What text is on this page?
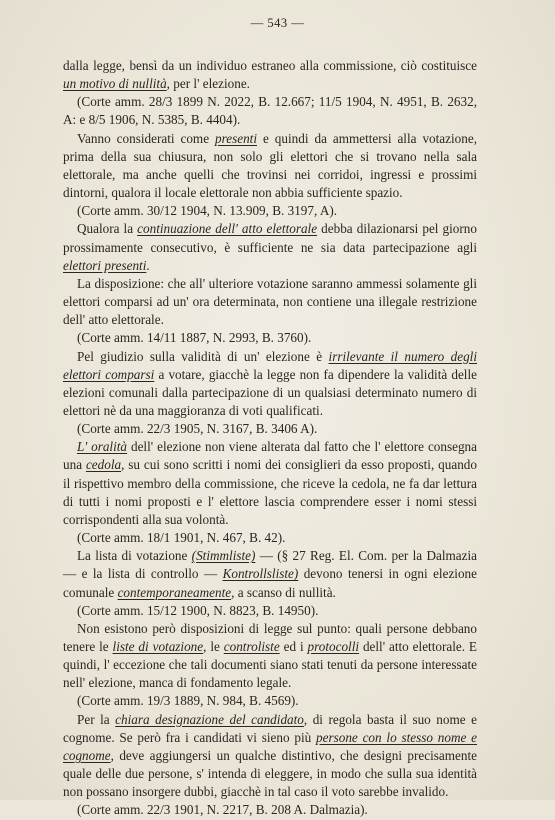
— 543 —

dalla legge, bensì da un individuo estraneo alla commissione, ciò costituisce un motivo di nullità, per l' elezione.

(Corte amm. 28/3 1899 N. 2022, B. 12.667; 11/5 1904, N. 4951, B. 2632, A: e 8/5 1906, N. 5385, B. 4404).

Vanno considerati come presenti e quindi da ammettersi alla votazione, prima della sua chiusura, non solo gli elettori che si trovano nella sala elettorale, ma anche quelli che trovinsi nei corridoi, ingressi e prossimi dintorni, qualora il locale elettorale non abbia sufficiente spazio.

(Corte amm. 30/12 1904, N. 13.909, B. 3197, A).

Qualora la continuazione dell' atto elettorale debba dilazionarsi pel giorno prossimamente consecutivo, è sufficiente ne sia data partecipazione agli elettori presenti.

La disposizione: che all' ulteriore votazione saranno ammessi solamente gli elettori comparsi ad un' ora determinata, non contiene una illegale restrizione dell' atto elettorale.

(Corte amm. 14/11 1887, N. 2993, B. 3760).

Pel giudizio sulla validità di un' elezione è irrilevante il numero degli elettori comparsi a votare, giacchè la legge non fa dipendere la validità delle elezioni comunali dalla partecipazione di un qualsiasi determinato numero di elettori nè da una maggioranza di voti qualificati.

(Corte amm. 22/3 1905, N. 3167, B. 3406 A).

L' oralità dell' elezione non viene alterata dal fatto che l' elettore consegna una cedola, su cui sono scritti i nomi dei consiglieri da esso proposti, quando il rispettivo membro della commissione, che riceve la cedola, ne fa dar lettura di tutti i nomi proposti e l' elettore lascia comprendere esser i nomi stessi corrispondenti alla sua volontà.

(Corte amm. 18/1 1901, N. 467, B. 42).

La lista di votazione (Stimmliste) — (§ 27 Reg. El. Com. per la Dalmazia — e la lista di controllo — Kontrollsliste) devono tenersi in ogni elezione comunale contemporaneamente, a scanso di nullità.

(Corte amm. 15/12 1900, N. 8823, B. 14950).

Non esistono però disposizioni di legge sul punto: quali persone debbano tenere le liste di votazione, le controliste ed i protocolli dell' atto elettorale. E quindi, l' eccezione che tali documenti siano stati tenuti da persone interessate nell' elezione, manca di fondamento legale.

(Corte amm. 19/3 1889, N. 984, B. 4569).

Per la chiara designazione del candidato, di regola basta il suo nome e cognome. Se però fra i candidati vi sieno più persone con lo stesso nome e cognome, deve aggiungersi un qualche distintivo, che designi precisamente quale delle due persone, s' intenda di eleggere, in modo che sulla sua identità non possano insorgere dubbi, giacchè in tal caso il voto sarebbe invalido.

(Corte amm. 22/3 1901, N. 2217, B. 208 A. Dalmazia).
